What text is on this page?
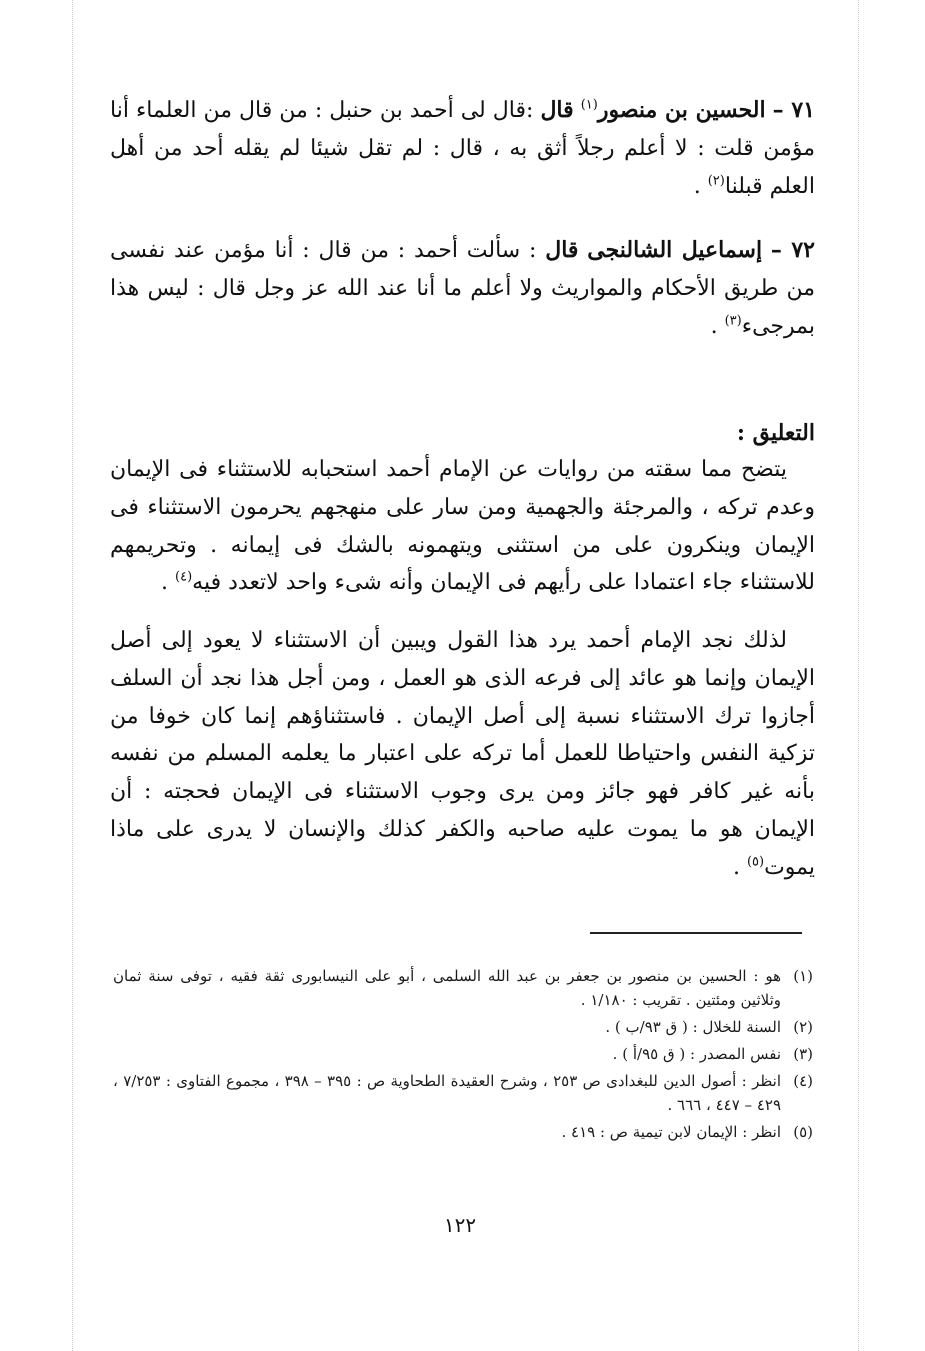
٧١ – الحسين بن منصور$^{(١)}$ قال :قال لى أحمد بن حنبل : من قال من العلماء أنا مؤمن قلت : لا أعلم رجلاً أثق به ، قال : لم تقل شيئا لم يقله أحد من أهل العلم قبلنا$^{(٢)}$ .
٧٢ – إسماعيل الشالنجى قال : سألت أحمد : من قال : أنا مؤمن عند نفسى من طريق الأحكام والمواريث ولا أعلم ما أنا عند الله عز وجل قال : ليس هذا بمرجىء$^{(٣)}$ .
التعليق :
يتضح مما سقته من روايات عن الإمام أحمد استحبابه للاستثناء فى الإيمان وعدم تركه ، والمرجئة والجهمية ومن سار على منهجهم يحرمون الاستثناء فى الإيمان وينكرون على من استثنى ويتهمونه بالشك فى إيمانه . وتحريمهم للاستثناء جاء اعتمادا على رأيهم فى الإيمان وأنه شىء واحد لاتعدد فيه$^{(٤)}$ .
لذلك نجد الإمام أحمد يرد هذا القول ويبين أن الاستثناء لا يعود إلى أصل الإيمان وإنما هو عائد إلى فرعه الذى هو العمل ، ومن أجل هذا نجد أن السلف أجازوا ترك الاستثناء نسبة إلى أصل الإيمان . فاستثناؤهم إنما كان خوفا من تزكية النفس واحتياطا للعمل أما تركه على اعتبار ما يعلمه المسلم من نفسه بأنه غير كافر فهو جائز ومن يرى وجوب الاستثناء فى الإيمان فحجته : أن الإيمان هو ما يموت عليه صاحبه والكفر كذلك والإنسان لا يدرى على ماذا يموت$^{(٥)}$ .
(١)
هو : الحسين بن منصور بن جعفر بن عبد الله السلمى ، أبو على النيسابورى ثقة فقيه ، توفى سنة ثمان وثلاثين ومئتين . تقريب : ١/١٨٠ .
(٢)
السنة للخلال : ( ق ٩٣/ب ) .
(٣)
نفس المصدر : ( ق ٩٥/أ ) .
(٤)
انظر : أصول الدين للبغدادى ص ٢٥٣ ، وشرح العقيدة الطحاوية ص : ٣٩٥ – ٣٩٨ ، مجموع الفتاوى : ٧/٢٥٣ ، ٤٢٩ – ٤٤٧ ، ٦٦٦ .
(٥)
انظر : الإيمان لابن تيمية ص : ٤١٩ .
١٢٢
